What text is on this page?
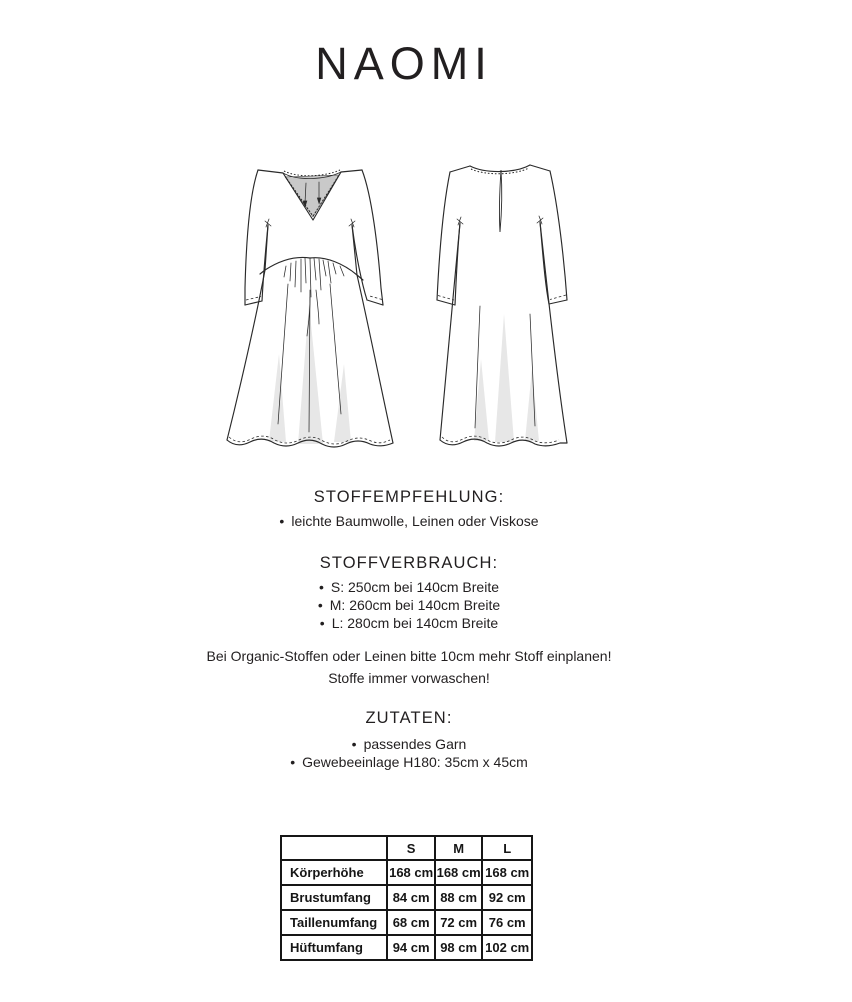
NAOMI
STOFFEMPFEHLUNG:
• leichte Baumwolle, Leinen oder Viskose
STOFFVERBRAUCH:
• S: 250cm bei 140cm Breite
• M: 260cm bei 140cm Breite
• L: 280cm bei 140cm Breite
Bei Organic-Stoffen oder Leinen bitte 10cm mehr Stoff einplanen!
Stoffe immer vorwaschen!
ZUTATEN:
• passendes Garn
• Gewebeeinlage H180: 35cm x 45cm
	S	M	L
Körperhöhe	168 cm	168 cm	168 cm
Brustumfang	84 cm	88 cm	92 cm
Taillenumfang	68 cm	72 cm	76 cm
Hüftumfang	94 cm	98 cm	102 cm
